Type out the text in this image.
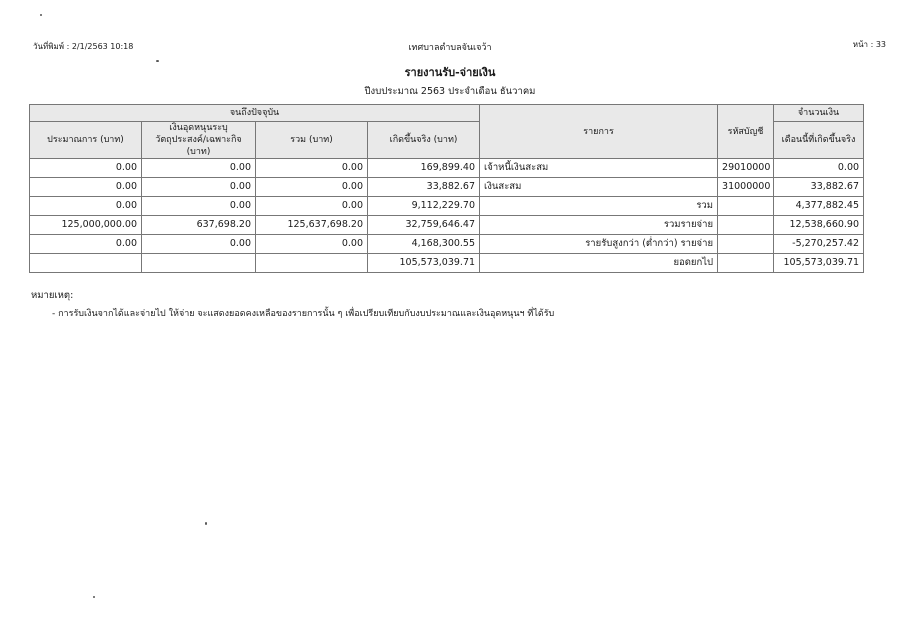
วันที่พิมพ์ : 2/1/2563 10:18	เทศบาลตำบลจันเจว้า	หน้า : 33
รายงานรับ-จ่ายเงิน
ปีงบประมาณ 2563 ประจำเดือน ธันวาคม
จนถึงปัจจุบัน				รายการ	รหัสบัญชี	จำนวนเงิน
ประมาณการ (บาท)	เงินอุดหนุนระบุวัตถุประสงค์/เฉพาะกิจ (บาท)	รวม (บาท)	เกิดขึ้นจริง (บาท)			เดือนนี้ที่เกิดขึ้นจริง
0.00	0.00	0.00	169,899.40	เจ้าหนี้เงินสะสม	29010000	0.00
0.00	0.00	0.00	33,882.67	เงินสะสม	31000000	33,882.67
0.00	0.00	0.00	9,112,229.70	รวม		4,377,882.45
125,000,000.00	637,698.20	125,637,698.20	32,759,646.47	รวมรายจ่าย		12,538,660.90
0.00	0.00	0.00	4,168,300.55	รายรับสูงกว่า (ต่ำกว่า) รายจ่าย		-5,270,257.42
			105,573,039.71	ยอดยกไป		105,573,039.71
หมายเหตุ:
- การรับเงินจากได้และจ่ายไป ให้จ่าย จะแสดงยอดคงเหลือของรายการนั้น ๆ เพื่อเปรียบเทียบกับงบประมาณและเงินอุดหนุนฯ ที่ได้รับ
